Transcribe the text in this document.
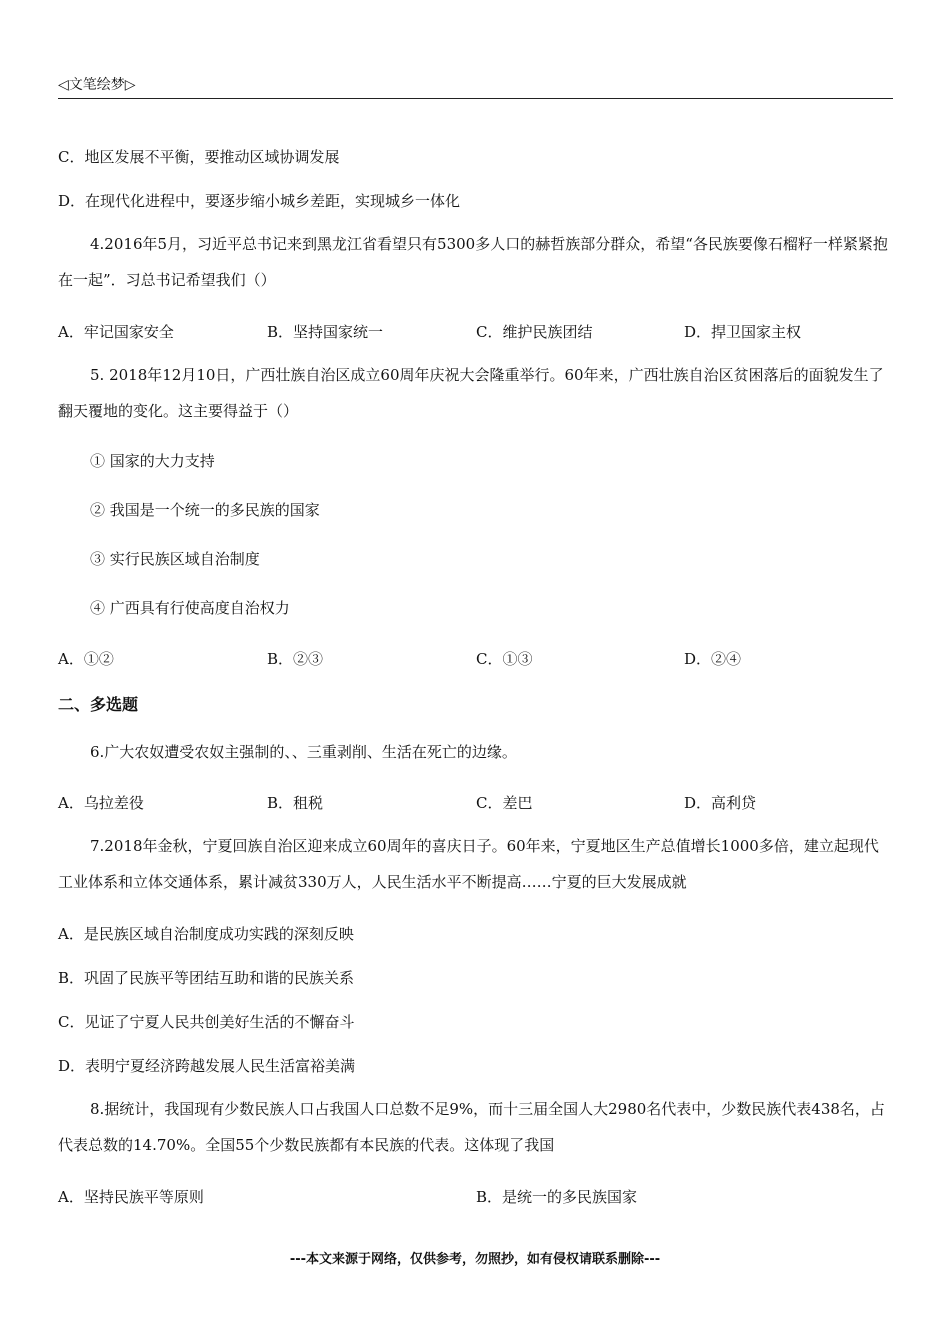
◁文笔绘梦▷
C．地区发展不平衡，要推动区域协调发展
D．在现代化进程中，要逐步缩小城乡差距，实现城乡一体化
4.2016年5月，习近平总书记来到黑龙江省看望只有5300多人口的赫哲族部分群众，希望“各民族要像石榴籽一样紧紧抱在一起”．习总书记希望我们（）
A．牢记国家安全	B．坚持国家统一	C．维护民族团结	D．捍卫国家主权
5. 2018年12月10日，广西壮族自治区成立60周年庆祝大会隆重举行。60年来，广西壮族自治区贫困落后的面貌发生了翻天覆地的变化。这主要得益于（）
① 国家的大力支持
② 我国是一个统一的多民族的国家
③ 实行民族区域自治制度
④ 广西具有行使高度自治权力
A．①②	B．②③	C．①③	D．②④
二、多选题
6.广大农奴遭受农奴主强制的、、三重剥削、生活在死亡的边缘。
A．乌拉差役	B．租税	C．差巴	D．高利贷
7.2018年金秋，宁夏回族自治区迎来成立60周年的喜庆日子。60年来，宁夏地区生产总值增长1000多倍，建立起现代工业体系和立体交通体系，累计减贫330万人，人民生活水平不断提高……宁夏的巨大发展成就
A．是民族区域自治制度成功实践的深刻反映
B．巩固了民族平等团结互助和谐的民族关系
C．见证了宁夏人民共创美好生活的不懈奋斗
D．表明宁夏经济跨越发展人民生活富裕美满
8.据统计，我国现有少数民族人口占我国人口总数不足9%，而十三届全国人大2980名代表中，少数民族代表438名，占代表总数的14.70%。全国55个少数民族都有本民族的代表。这体现了我国
A．坚持民族平等原则	B．是统一的多民族国家
---本文来源于网络，仅供参考，勿照抄，如有侵权请联系删除---
